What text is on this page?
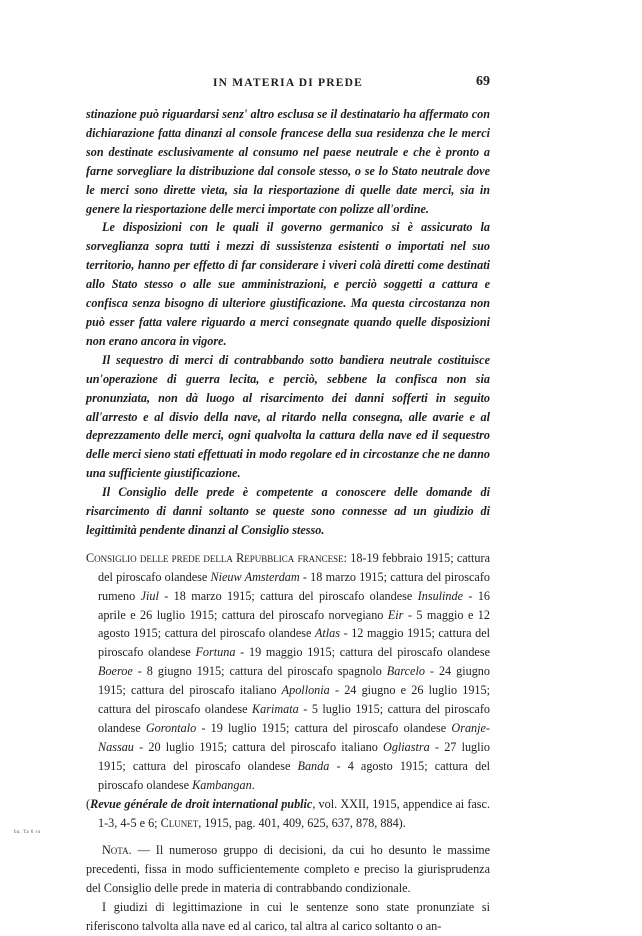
IN MATERIA DI PREDE	69

stinazione può riguardarsi senz' altro esclusa se il destinatario ha affermato con dichiarazione fatta dinanzi al console francese della sua residenza che le merci son destinate esclusivamente al consumo nel paese neutrale e che è pronto a farne sorvegliare la distribuzione dal console stesso, o se lo Stato neutrale dove le merci sono dirette vieta, sia la riesportazione di quelle date merci, sia in genere la riesportazione delle merci importate con polizze all'ordine.

Le disposizioni con le quali il governo germanico si è assicurato la sorveglianza sopra tutti i mezzi di sussistenza esistenti o importati nel suo territorio, hanno per effetto di far considerare i viveri colà diretti come destinati allo Stato stesso o alle sue amministrazioni, e perciò soggetti a cattura e confisca senza bisogno di ulteriore giustificazione. Ma questa circostanza non può esser fatta valere riguardo a merci consegnate quando quelle disposizioni non erano ancora in vigore.

Il sequestro di merci di contrabbando sotto bandiera neutrale costituisce un'operazione di guerra lecita, e perciò, sebbene la confisca non sia pronunziata, non dà luogo al risarcimento dei danni sofferti in seguito all'arresto e al disvio della nave, al ritardo nella consegna, alle avarie e al deprezzamento delle merci, ogni qualvolta la cattura della nave ed il sequestro delle merci sieno stati effettuati in modo regolare ed in circostanze che ne danno una sufficiente giustificazione.

Il Consiglio delle prede è competente a conoscere delle domande di risarcimento di danni soltanto se queste sono connesse ad un giudizio di legittimità pendente dinanzi al Consiglio stesso.

Consiglio delle prede della Repubblica francese: 18-19 febbraio 1915; cattura del piroscafo olandese Nieuw Amsterdam - 18 marzo 1915; cattura del piroscafo rumeno Jiul - 18 marzo 1915; cattura del piroscafo olandese Insulinde - 16 aprile e 26 luglio 1915; cattura del piroscafo norvegiano Eir - 5 maggio e 12 agosto 1915; cattura del piroscafo olandese Atlas - 12 maggio 1915; cattura del piroscafo olandese Fortuna - 19 maggio 1915; cattura del piroscafo olandese Boeroe - 8 giugno 1915; cattura del piroscafo spagnolo Barcelo - 24 giugno 1915; cattura del piroscafo italiano Apollonia - 24 giugno e 26 luglio 1915; cattura del piroscafo olandese Karimata - 5 luglio 1915; cattura del piroscafo olandese Gorontalo - 19 luglio 1915; cattura del piroscafo olandese Oranje-Nassau - 20 luglio 1915; cattura del piroscafo italiano Ogliastra - 27 luglio 1915; cattura del piroscafo olandese Banda - 4 agosto 1915; cattura del piroscafo olandese Kambangan.

(Revue générale de droit international public, vol. XXII, 1915, appendice ai fasc. 1-3, 4-5 e 6; Clunet, 1915, pag. 401, 409, 625, 637, 878, 884).

Nota. — Il numeroso gruppo di decisioni, da cui ho desunto le massime precedenti, fissa in modo sufficientemente completo e preciso la giurisprudenza del Consiglio delle prede in materia di contrabbando condizionale.

I giudizi di legittimazione in cui le sentenze sono state pronunziate si riferiscono talvolta alla nave ed al carico, tal altra al carico soltanto o an-

ba. Ta 6 ro
